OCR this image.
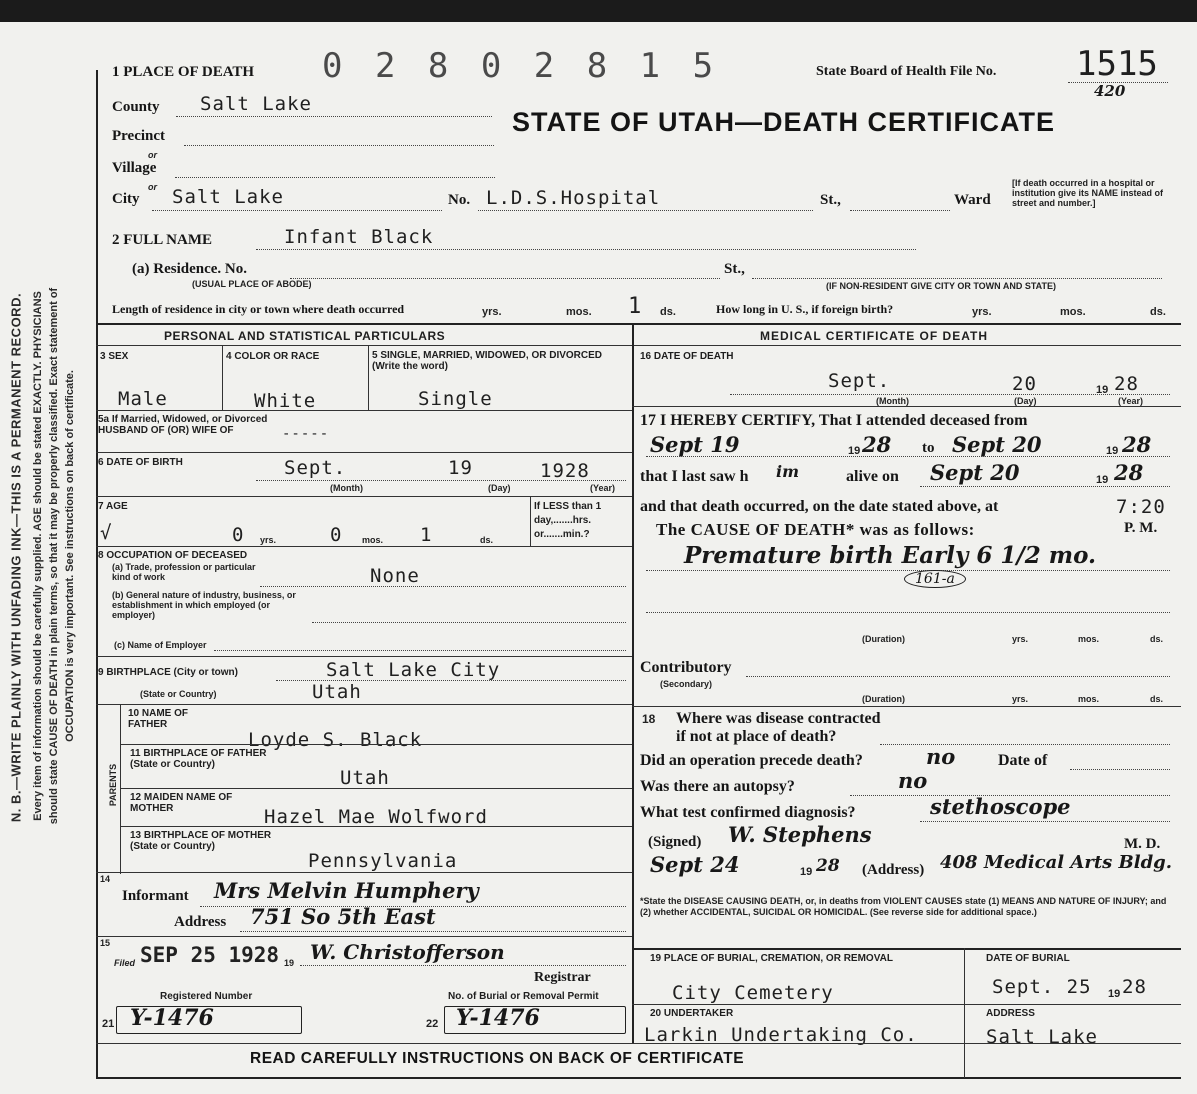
N. B.—WRITE PLAINLY WITH UNFADING INK—THIS IS A PERMANENT RECORD. Every item of information should be carefully supplied. AGE should be stated EXACTLY. PHYSICIANS should state CAUSE OF DEATH in plain terms, so that it may be properly classified. Exact statement of OCCUPATION is very important. See instructions on back of certificate.
1 PLACE OF DEATH 0 2 8 0 2 8 1 5	State Board of Health File No. 1515
420
STATE OF UTAH—DEATH CERTIFICATE
County Salt Lake
Precinct
or
Village
or
City Salt Lake	No. L.D.S.Hospital	St.,	Ward
[If death occurred in a hospital or institution give its NAME instead of street and number.]
2 FULL NAME	Infant Black
(a) Residence. No.
(USUAL PLACE OF ABODE)
St.,
(IF NON-RESIDENT GIVE CITY OR TOWN AND STATE)
Length of residence in city or town where death occurred	yrs.	mos. 1 ds.	How long in U. S., if foreign birth?	yrs.	mos.	ds.
PERSONAL AND STATISTICAL PARTICULARS	MEDICAL CERTIFICATE OF DEATH
3 SEX
Male
4 COLOR OR RACE
White
5 SINGLE, MARRIED, WIDOWED, OR DIVORCED (Write the word)
Single
5a If Married, Widowed, or Divorced HUSBAND OF (OR) WIFE OF	-----
6 DATE OF BIRTH	Sept.	19	1928
(Month)	(Day)	(Year)
7 AGE
√	0 yrs.	0 mos. 1	ds.
If LESS than 1 day,.......hrs. or.......min.?
8 OCCUPATION OF DECEASED
(a) Trade, profession or particular kind of work	None
(b) General nature of industry, business, or establishment in which employed (or employer)
(c) Name of Employer
9 BIRTHPLACE (City or town)	Salt Lake City
(State or Country)	Utah
PARENTS
10 NAME OF FATHER
Loyde S. Black
11 BIRTHPLACE OF FATHER (State or Country)
Utah
12 MAIDEN NAME OF MOTHER	Hazel Mae Wolfword
13 BIRTHPLACE OF MOTHER (State or Country)
Pennsylvania
14
Informant Mrs Melvin Humphery
Address 751 So 5th East
15
Filed SEP 25 1928 19 W. Christofferson
Registrar
Registered Number	No. of Burial or Removal Permit
21 Y-1476	22 Y-1476
16 DATE OF DEATH
Sept.	20	19 28
(Month)	(Day)	(Year)
17 I HEREBY CERTIFY, That I attended deceased from
Sept 19	19 28 to Sept 20	19 28
that I last saw h im	alive on Sept 20	19 28
and that death occurred, on the date stated above, at	7:20
P. M.
The CAUSE OF DEATH* was as follows:
Premature birth Early 6 1/2 mo.
161-a
(Duration)	yrs.	mos.	ds.
Contributory
(Secondary)
(Duration)	yrs.	mos.	ds.
18 Where was disease contracted
if not at place of death?
Did an operation precede death?	no	Date of
Was there an autopsy?	no
What test confirmed diagnosis?	stethoscope
(Signed) W. Stephens	M. D.
Sept 24	19 28 (Address) 408 Medical Arts Bldg.
*State the DISEASE CAUSING DEATH, or, in deaths from VIOLENT CAUSES state (1) MEANS AND NATURE OF INJURY; and (2) whether ACCIDENTAL, SUICIDAL OR HOMICIDAL. (See reverse side for additional space.)
19 PLACE OF BURIAL, CREMATION, OR REMOVAL
City Cemetery
DATE OF BURIAL
Sept. 25 19 28
20 UNDERTAKER
Larkin Undertaking Co.
ADDRESS
Salt Lake
READ CAREFULLY INSTRUCTIONS ON BACK OF CERTIFICATE
